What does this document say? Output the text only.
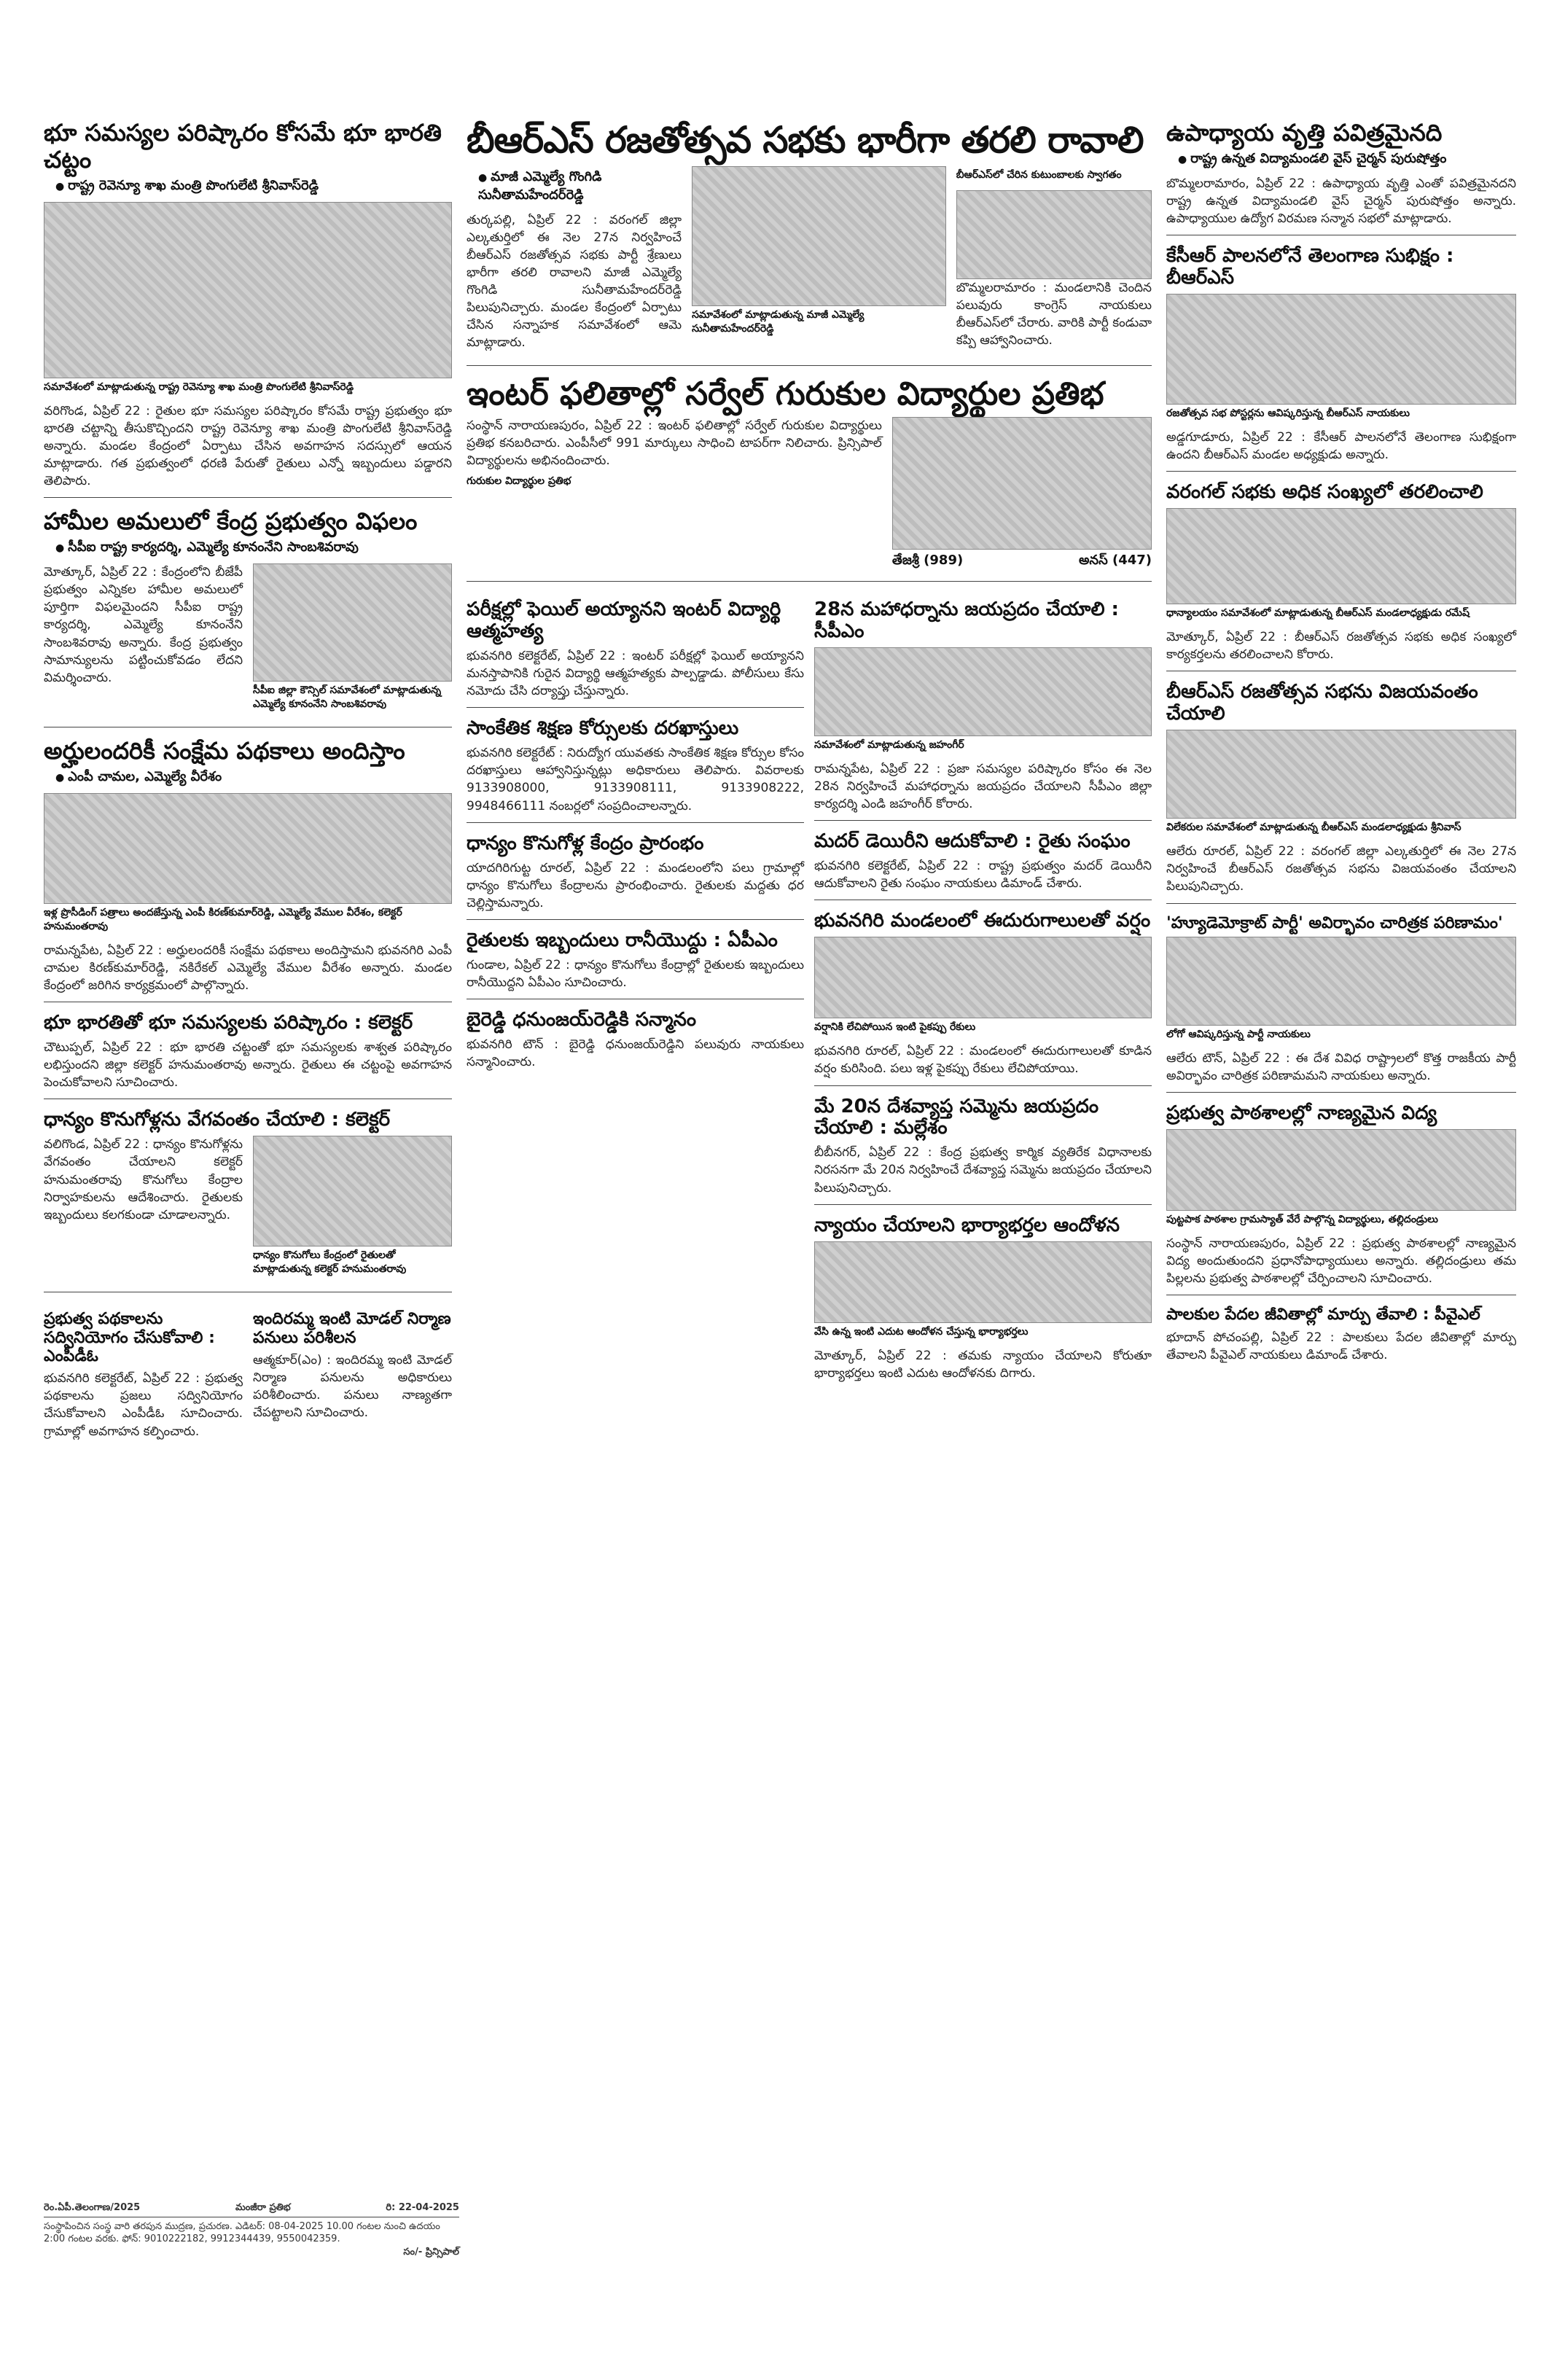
భూ సమస్యల పరిష్కారం కోసమే భూ భారతి చట్టం
● రాష్ట్ర రెవెన్యూ శాఖ మంత్రి పొంగులేటి శ్రీనివాస్‌రెడ్డి
సమావేశంలో మాట్లాడుతున్న రాష్ట్ర రెవెన్యూ శాఖ మంత్రి పొంగులేటి శ్రీనివాస్‌రెడ్డి

వరిగొండ, ఏప్రిల్ 22 : రైతుల భూ సమస్యల పరిష్కారం కోసమే రాష్ట్ర ప్రభుత్వం భూ భారతి చట్టాన్ని తీసుకొచ్చిందని రాష్ట్ర రెవెన్యూ శాఖ మంత్రి పొంగులేటి శ్రీనివాస్‌రెడ్డి అన్నారు. మండల కేంద్రంలో ఏర్పాటు చేసిన అవగాహన సదస్సులో ఆయన మాట్లాడారు. గత ప్రభుత్వంలో ధరణి పేరుతో రైతులు ఎన్నో ఇబ్బందులు పడ్డారని తెలిపారు.

హామీల అమలులో కేంద్ర ప్రభుత్వం విఫలం
● సీపీఐ రాష్ట్ర కార్యదర్శి, ఎమ్మెల్యే కూనంనేని సాంబశివరావు

మోత్కూర్, ఏప్రిల్ 22 : కేంద్రంలోని బీజేపీ ప్రభుత్వం ఎన్నికల హామీల అమలులో పూర్తిగా విఫలమైందని సీపీఐ రాష్ట్ర కార్యదర్శి, ఎమ్మెల్యే కూనంనేని సాంబశివరావు అన్నారు. కేంద్ర ప్రభుత్వం సామాన్యులను పట్టించుకోవడం లేదని విమర్శించారు.

సీపీఐ జిల్లా కౌన్సిల్ సమావేశంలో మాట్లాడుతున్న ఎమ్మెల్యే కూనంనేని సాంబశివరావు
అర్హులందరికీ సంక్షేమ పథకాలు అందిస్తాం
● ఎంపీ చామల, ఎమ్మెల్యే వీరేశం
ఇళ్ల ప్రొసీడింగ్ పత్రాలు అందజేస్తున్న ఎంపీ కిరణ్‌కుమార్‌రెడ్డి, ఎమ్మెల్యే వేముల వీరేశం, కలెక్టర్ హనుమంతరావు

రామన్నపేట, ఏప్రిల్ 22 : అర్హులందరికీ సంక్షేమ పథకాలు అందిస్తామని భువనగిరి ఎంపీ చామల కిరణ్‌కుమార్‌రెడ్డి, నకిరేకల్ ఎమ్మెల్యే వేముల వీరేశం అన్నారు. మండల కేంద్రంలో జరిగిన కార్యక్రమంలో పాల్గొన్నారు.

భూ భారతితో భూ సమస్యలకు పరిష్కారం : కలెక్టర్

చౌటుప్పల్, ఏప్రిల్ 22 : భూ భారతి చట్టంతో భూ సమస్యలకు శాశ్వత పరిష్కారం లభిస్తుందని జిల్లా కలెక్టర్ హనుమంతరావు అన్నారు. రైతులు ఈ చట్టంపై అవగాహన పెంచుకోవాలని సూచించారు.

ధాన్యం కొనుగోళ్లను వేగవంతం చేయాలి : కలెక్టర్

వలిగొండ, ఏప్రిల్ 22 : ధాన్యం కొనుగోళ్లను వేగవంతం చేయాలని కలెక్టర్ హనుమంతరావు కొనుగోలు కేంద్రాల నిర్వాహకులను ఆదేశించారు. రైతులకు ఇబ్బందులు కలగకుండా చూడాలన్నారు.

ధాన్యం కొనుగోలు కేంద్రంలో రైతులతో మాట్లాడుతున్న కలెక్టర్ హనుమంతరావు
ప్రభుత్వ పథకాలను సద్వినియోగం చేసుకోవాలి : ఎంపీడీఓ

భువనగిరి కలెక్టరేట్, ఏప్రిల్ 22 : ప్రభుత్వ పథకాలను ప్రజలు సద్వినియోగం చేసుకోవాలని ఎంపీడీఓ సూచించారు. గ్రామాల్లో అవగాహన కల్పించారు.

ఇందిరమ్మ ఇంటి మోడల్ నిర్మాణ పనులు పరిశీలన

ఆత్మకూర్(ఎం) : ఇందిరమ్మ ఇంటి మోడల్ నిర్మాణ పనులను అధికారులు పరిశీలించారు. పనులు నాణ్యతగా చేపట్టాలని సూచించారు.

బీఆర్ఎస్ రజతోత్సవ సభకు భారీగా తరలి రావాలి
● మాజీ ఎమ్మెల్యే గొంగిడి సునీతామహేందర్‌రెడ్డి

తుర్కపల్లి, ఏప్రిల్ 22 : వరంగల్ జిల్లా ఎల్కతుర్తిలో ఈ నెల 27న నిర్వహించే బీఆర్ఎస్ రజతోత్సవ సభకు పార్టీ శ్రేణులు భారీగా తరలి రావాలని మాజీ ఎమ్మెల్యే గొంగిడి సునీతామహేందర్‌రెడ్డి పిలుపునిచ్చారు. మండల కేంద్రంలో ఏర్పాటు చేసిన సన్నాహక సమావేశంలో ఆమె మాట్లాడారు.

సమావేశంలో మాట్లాడుతున్న మాజీ ఎమ్మెల్యే సునీతామహేందర్‌రెడ్డి
బీఆర్ఎస్‌లో చేరిన కుటుంబాలకు స్వాగతం

బొమ్మలరామారం : మండలానికి చెందిన పలువురు కాంగ్రెస్ నాయకులు బీఆర్ఎస్‌లో చేరారు. వారికి పార్టీ కండువా కప్పి ఆహ్వానించారు.

ఇంటర్ ఫలితాల్లో సర్వేల్ గురుకుల విద్యార్థుల ప్రతిభ

సంస్థాన్ నారాయణపురం, ఏప్రిల్ 22 : ఇంటర్ ఫలితాల్లో సర్వేల్ గురుకుల విద్యార్థులు ప్రతిభ కనబరిచారు. ఎంపీసీలో 991 మార్కులు సాధించి టాపర్‌గా నిలిచారు. ప్రిన్సిపాల్ విద్యార్థులను అభినందించారు.

గురుకుల విద్యార్థుల ప్రతిభ
తేజశ్రీ (989)	అనస్ (447)
పరీక్షల్లో ఫెయిల్ అయ్యానని ఇంటర్ విద్యార్థి ఆత్మహత్య

భువనగిరి కలెక్టరేట్, ఏప్రిల్ 22 : ఇంటర్ పరీక్షల్లో ఫెయిల్ అయ్యానని మనస్తాపానికి గురైన విద్యార్థి ఆత్మహత్యకు పాల్పడ్డాడు. పోలీసులు కేసు నమోదు చేసి దర్యాప్తు చేస్తున్నారు.

సాంకేతిక శిక్షణ కోర్సులకు దరఖాస్తులు

భువనగిరి కలెక్టరేట్ : నిరుద్యోగ యువతకు సాంకేతిక శిక్షణ కోర్సుల కోసం దరఖాస్తులు ఆహ్వానిస్తున్నట్లు అధికారులు తెలిపారు. వివరాలకు 9133908000, 9133908111, 9133908222, 9948466111 నంబర్లలో సంప్రదించాలన్నారు.

ధాన్యం కొనుగోళ్ల కేంద్రం ప్రారంభం

యాదగిరిగుట్ట రూరల్, ఏప్రిల్ 22 : మండలంలోని పలు గ్రామాల్లో ధాన్యం కొనుగోలు కేంద్రాలను ప్రారంభించారు. రైతులకు మద్దతు ధర చెల్లిస్తామన్నారు.

రైతులకు ఇబ్బందులు రానీయొద్దు : ఏపీఎం

గుండాల, ఏప్రిల్ 22 : ధాన్యం కొనుగోలు కేంద్రాల్లో రైతులకు ఇబ్బందులు రానీయొద్దని ఏపీఎం సూచించారు.

బైరెడ్డి ధనుంజయ్‌రెడ్డికి సన్మానం

భువనగిరి టౌన్ : బైరెడ్డి ధనుంజయ్‌రెడ్డిని పలువురు నాయకులు సన్మానించారు.

28న మహాధర్నాను జయప్రదం చేయాలి : సీపీఎం
సమావేశంలో మాట్లాడుతున్న జహంగీర్

రామన్నపేట, ఏప్రిల్ 22 : ప్రజా సమస్యల పరిష్కారం కోసం ఈ నెల 28న నిర్వహించే మహాధర్నాను జయప్రదం చేయాలని సీపీఎం జిల్లా కార్యదర్శి ఎండి జహంగీర్ కోరారు.

మదర్ డెయిరీని ఆదుకోవాలి : రైతు సంఘం

భువనగిరి కలెక్టరేట్, ఏప్రిల్ 22 : రాష్ట్ర ప్రభుత్వం మదర్ డెయిరీని ఆదుకోవాలని రైతు సంఘం నాయకులు డిమాండ్ చేశారు.

భువనగిరి మండలంలో ఈదురుగాలులతో వర్షం
వర్షానికి లేచిపోయిన ఇంటి పైకప్పు రేకులు

భువనగిరి రూరల్, ఏప్రిల్ 22 : మండలంలో ఈదురుగాలులతో కూడిన వర్షం కురిసింది. పలు ఇళ్ల పైకప్పు రేకులు లేచిపోయాయి.

మే 20న దేశవ్యాప్త సమ్మెను జయప్రదం చేయాలి : మల్లేశం

బీబీనగర్, ఏప్రిల్ 22 : కేంద్ర ప్రభుత్వ కార్మిక వ్యతిరేక విధానాలకు నిరసనగా మే 20న నిర్వహించే దేశవ్యాప్త సమ్మెను జయప్రదం చేయాలని పిలుపునిచ్చారు.

న్యాయం చేయాలని భార్యాభర్తల ఆందోళన
వేసి ఉన్న ఇంటి ఎదుట ఆందోళన చేస్తున్న భార్యాభర్తలు

మోత్కూర్, ఏప్రిల్ 22 : తమకు న్యాయం చేయాలని కోరుతూ భార్యాభర్తలు ఇంటి ఎదుట ఆందోళనకు దిగారు.

ఉపాధ్యాయ వృత్తి పవిత్రమైనది
● రాష్ట్ర ఉన్నత విద్యామండలి వైస్ చైర్మన్ పురుషోత్తం

బొమ్మలరామారం, ఏప్రిల్ 22 : ఉపాధ్యాయ వృత్తి ఎంతో పవిత్రమైనదని రాష్ట్ర ఉన్నత విద్యామండలి వైస్ చైర్మన్ పురుషోత్తం అన్నారు. ఉపాధ్యాయుల ఉద్యోగ విరమణ సన్మాన సభలో మాట్లాడారు.

కేసీఆర్ పాలనలోనే తెలంగాణ సుభిక్షం : బీఆర్ఎస్
రజతోత్సవ సభ పోస్టర్లను ఆవిష్కరిస్తున్న బీఆర్ఎస్ నాయకులు

అడ్డగూడూరు, ఏప్రిల్ 22 : కేసీఆర్ పాలనలోనే తెలంగాణ సుభిక్షంగా ఉందని బీఆర్ఎస్ మండల అధ్యక్షుడు అన్నారు.

వరంగల్ సభకు అధిక సంఖ్యలో తరలించాలి
ధాన్యాలయం సమావేశంలో మాట్లాడుతున్న బీఆర్ఎస్ మండలాధ్యక్షుడు రమేష్

మోత్కూర్, ఏప్రిల్ 22 : బీఆర్ఎస్ రజతోత్సవ సభకు అధిక సంఖ్యలో కార్యకర్తలను తరలించాలని కోరారు.

బీఆర్ఎస్ రజతోత్సవ సభను విజయవంతం చేయాలి
విలేకరుల సమావేశంలో మాట్లాడుతున్న బీఆర్ఎస్ మండలాధ్యక్షుడు శ్రీనివాస్

ఆలేరు రూరల్, ఏప్రిల్ 22 : వరంగల్ జిల్లా ఎల్కతుర్తిలో ఈ నెల 27న నిర్వహించే బీఆర్ఎస్ రజతోత్సవ సభను విజయవంతం చేయాలని పిలుపునిచ్చారు.

'హ్యూడెమోక్రాట్ పార్టీ' అవిర్భావం చారిత్రక పరిణామం'
లోగో ఆవిష్కరిస్తున్న పార్టీ నాయకులు

ఆలేరు టౌన్, ఏప్రిల్ 22 : ఈ దేశ వివిధ రాష్ట్రాలలో కొత్త రాజకీయ పార్టీ అవిర్భావం చారిత్రక పరిణామమని నాయకులు అన్నారు.

ప్రభుత్వ పాఠశాలల్లో నాణ్యమైన విద్య
పుట్టపాక పాఠశాల గ్రామస్యాత్‌ వేరే పాల్గొన్న విద్యార్థులు, తల్లిదండ్రులు

సంస్థాన్ నారాయణపురం, ఏప్రిల్ 22 : ప్రభుత్వ పాఠశాలల్లో నాణ్యమైన విద్య అందుతుందని ప్రధానోపాధ్యాయులు అన్నారు. తల్లిదండ్రులు తమ పిల్లలను ప్రభుత్వ పాఠశాలల్లో చేర్పించాలని సూచించారు.

పాలకుల పేదల జీవితాల్లో మార్పు తేవాలి : పీవైఎల్

భూదాన్ పోచంపల్లి, ఏప్రిల్ 22 : పాలకులు పేదల జీవితాల్లో మార్పు తేవాలని పీవైఎల్ నాయకులు డిమాండ్ చేశారు.

రెం.ఏపీ.తెలంగాణ/2025	మంజీరా ప్రతిభ	రి: 22-04-2025
సంస్థాపించిన సంస్థ వారి తరపున ముద్రణ, ప్రచురణ. ఎడిటర్: 08-04-2025 10.00 గంటల నుంచి ఉదయం 2:00 గంటల వరకు. ఫోన్: 9010222182, 9912344439, 9550042359.
సం/- ప్రిన్సిపాల్
